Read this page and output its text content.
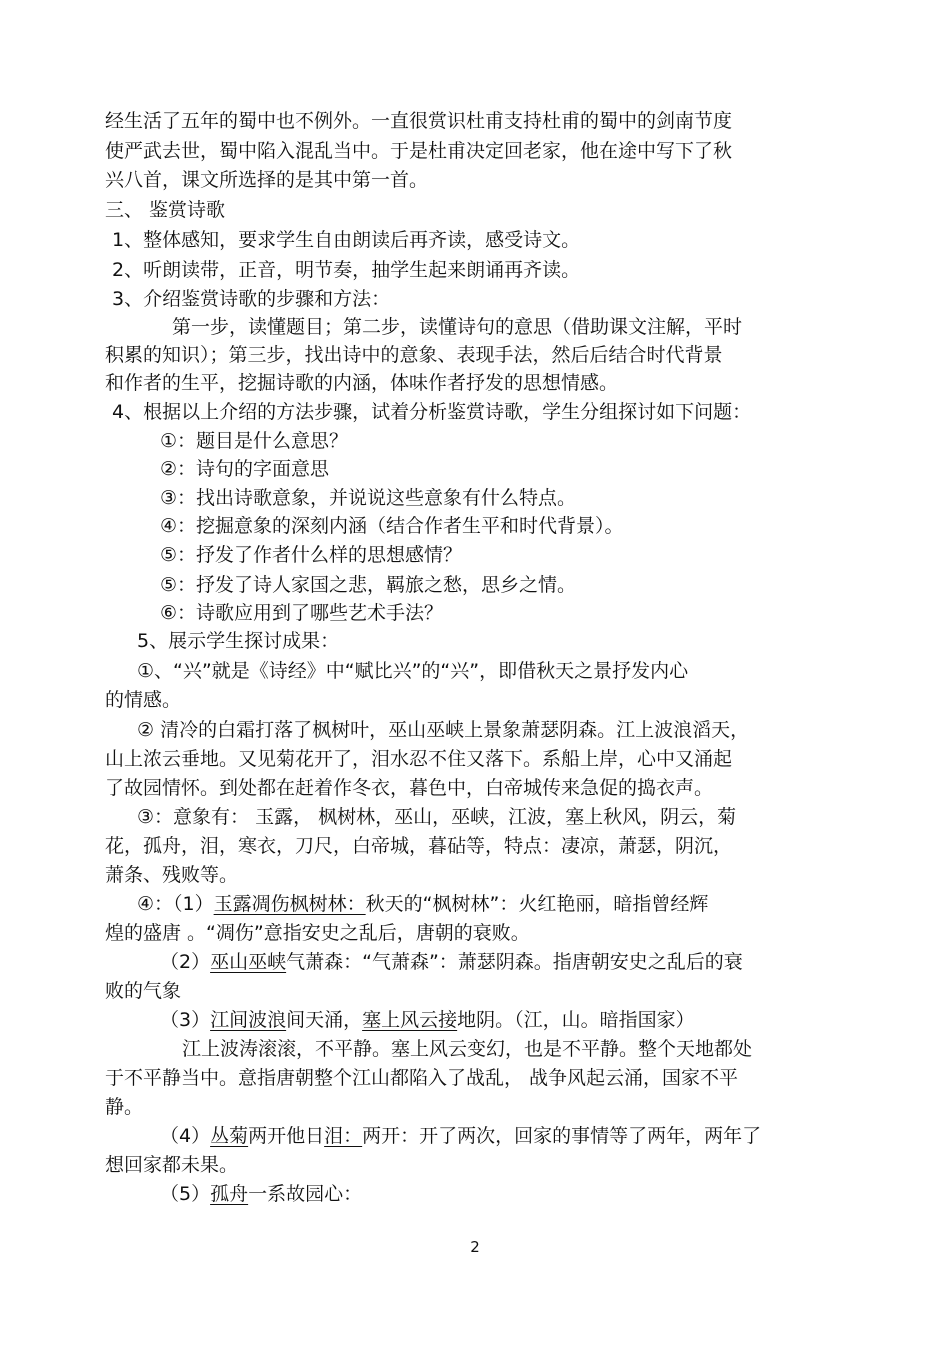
经生活了五年的蜀中也不例外。一直很赏识杜甫支持杜甫的蜀中的剑南节度
使严武去世，蜀中陷入混乱当中。于是杜甫决定回老家，他在途中写下了秋
兴八首，课文所选择的是其中第一首。
三、 鉴赏诗歌
1、整体感知，要求学生自由朗读后再齐读，感受诗文。
2、听朗读带，正音，明节奏，抽学生起来朗诵再齐读。
3、介绍鉴赏诗歌的步骤和方法：
第一步，读懂题目；第二步，读懂诗句的意思（借助课文注解，平时
积累的知识）；第三步，找出诗中的意象、表现手法，然后后结合时代背景
和作者的生平，挖掘诗歌的内涵，体味作者抒发的思想情感。
4、根据以上介绍的方法步骤，试着分析鉴赏诗歌，学生分组探讨如下问题：
①：题目是什么意思？
②：诗句的字面意思
③：找出诗歌意象，并说说这些意象有什么特点。
④：挖掘意象的深刻内涵（结合作者生平和时代背景）。
⑤：抒发了作者什么样的思想感情？
⑤：抒发了诗人家国之悲，羁旅之愁，思乡之情。
⑥：诗歌应用到了哪些艺术手法？
5、展示学生探讨成果：
①、“兴”就是《诗经》中“赋比兴”的“兴”，即借秋天之景抒发内心
的情感。
② 清冷的白霜打落了枫树叶，巫山巫峡上景象萧瑟阴森。江上波浪滔天，
山上浓云垂地。又见菊花开了，泪水忍不住又落下。系船上岸，心中又涌起
了故园情怀。到处都在赶着作冬衣，暮色中，白帝城传来急促的捣衣声。
③：意象有： 玉露， 枫树林，巫山，巫峡，江波，塞上秋风，阴云，菊
花，孤舟，泪，寒衣，刀尺，白帝城，暮砧等，特点：凄凉，萧瑟，阴沉，
萧条、残败等。
④：（1）玉露凋伤枫树林：秋天的“枫树林”：火红艳丽，暗指曾经辉
煌的盛唐 。“凋伤”意指安史之乱后，唐朝的衰败。
（2）巫山巫峡气萧森：“气萧森”：萧瑟阴森。指唐朝安史之乱后的衰
败的气象
（3）江间波浪间天涌，塞上风云接地阴。（江，山。暗指国家）
江上波涛滚滚，不平静。塞上风云变幻，也是不平静。整个天地都处
于不平静当中。意指唐朝整个江山都陷入了战乱， 战争风起云涌，国家不平
静。
（4）丛菊两开他日泪：两开：开了两次，回家的事情等了两年，两年了
想回家都未果。
（5）孤舟一系故园心：
2
